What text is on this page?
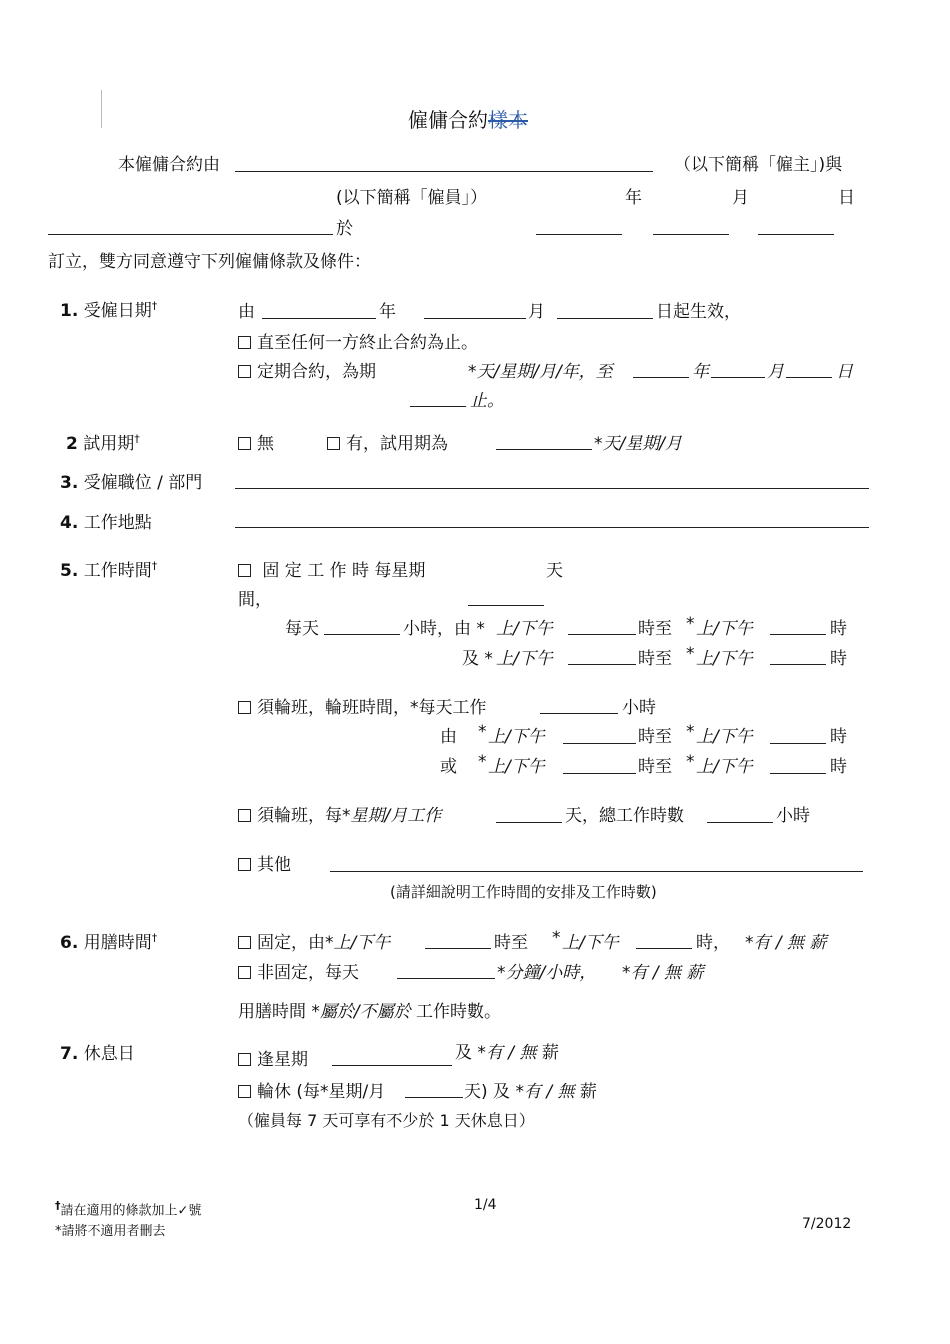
僱傭合約樣本
本僱傭合約由	（以下簡稱「僱主」)與
(以下簡稱「僱員」）	年	月	日
於
訂立，雙方同意遵守下列僱傭條款及條件：
1. 受僱日期†	由	年	月	日起生效，
直至任何一方終止合約為止。
定期合約，為期	*天/星期/月/年，至	年	月	日
止。
2 試用期†	無	有，試用期為	*天/星期/月
3. 受僱職位 / 部門
4. 工作地點
5. 工作時間†	固 定 工 作 時 每星期	天
間，
每天	小時，由 * 上/下午	時至 * 上/下午	時
及 * 上/下午	時至 * 上/下午	時
須輪班，輪班時間，*每天工作	小時
由 * 上/下午	時至 * 上/下午	時
或 * 上/下午	時至 * 上/下午	時
須輪班，每*星期/月工作	天，總工作時數	小時
其他
(請詳細說明工作時間的安排及工作時數)
6. 用膳時間†	固定，由*上/下午	時至 * 上/下午	時， *有 / 無 薪
非固定，每天	*分鐘/小時， *有 / 無 薪
用膳時間 *屬於/不屬於 工作時數。
7. 休息日	逢星期	及 *有 / 無 薪
輪休 (每*星期/月	天) 及 *有 / 無 薪
（僱員每 7 天可享有不少於 1 天休息日）
†請在適用的條款加上✓號
*請將不適用者刪去
1/4
7/2012
